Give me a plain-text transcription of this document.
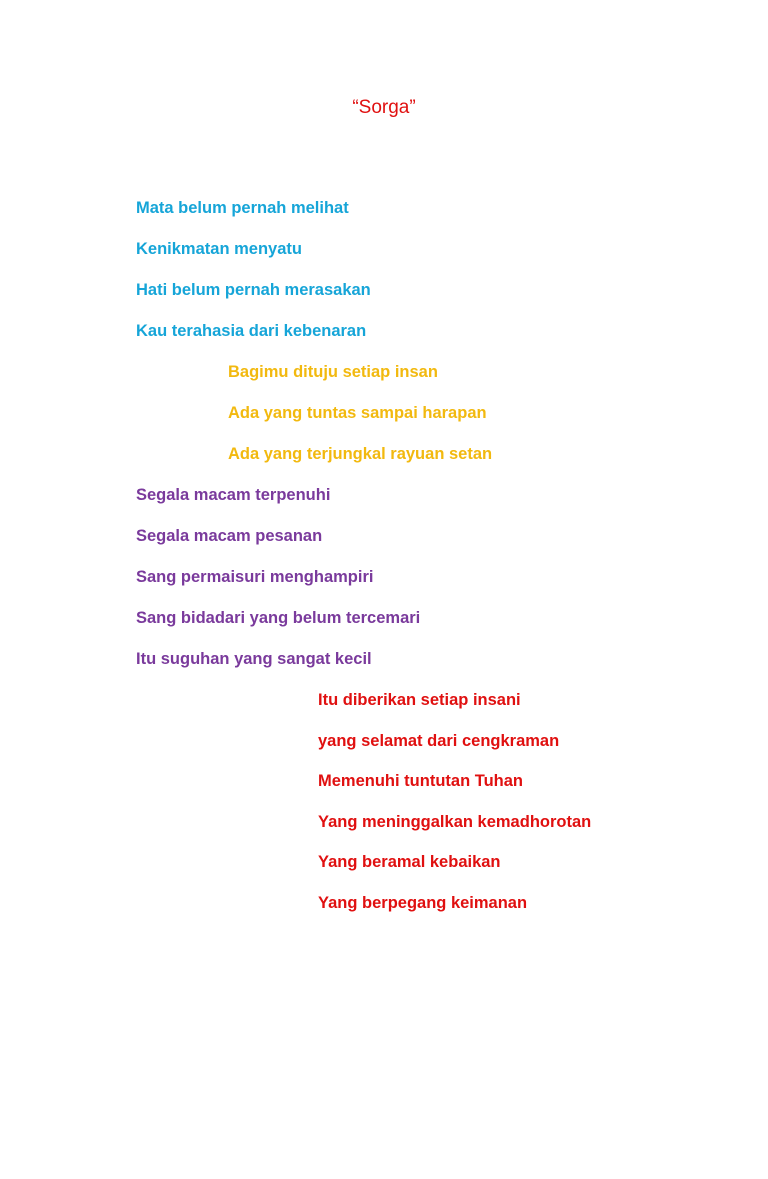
“Sorga”
Mata belum pernah melihat
Kenikmatan menyatu
Hati belum pernah merasakan
Kau terahasia dari kebenaran
Bagimu dituju setiap insan
Ada yang tuntas sampai harapan
Ada yang terjungkal rayuan setan
Segala macam terpenuhi
Segala macam pesanan
Sang permaisuri menghampiri
Sang bidadari yang belum tercemari
Itu suguhan yang sangat kecil
Itu diberikan setiap insani
yang selamat dari cengkraman
Memenuhi tuntutan Tuhan
Yang meninggalkan kemadhorotan
Yang beramal kebaikan
Yang berpegang keimanan
